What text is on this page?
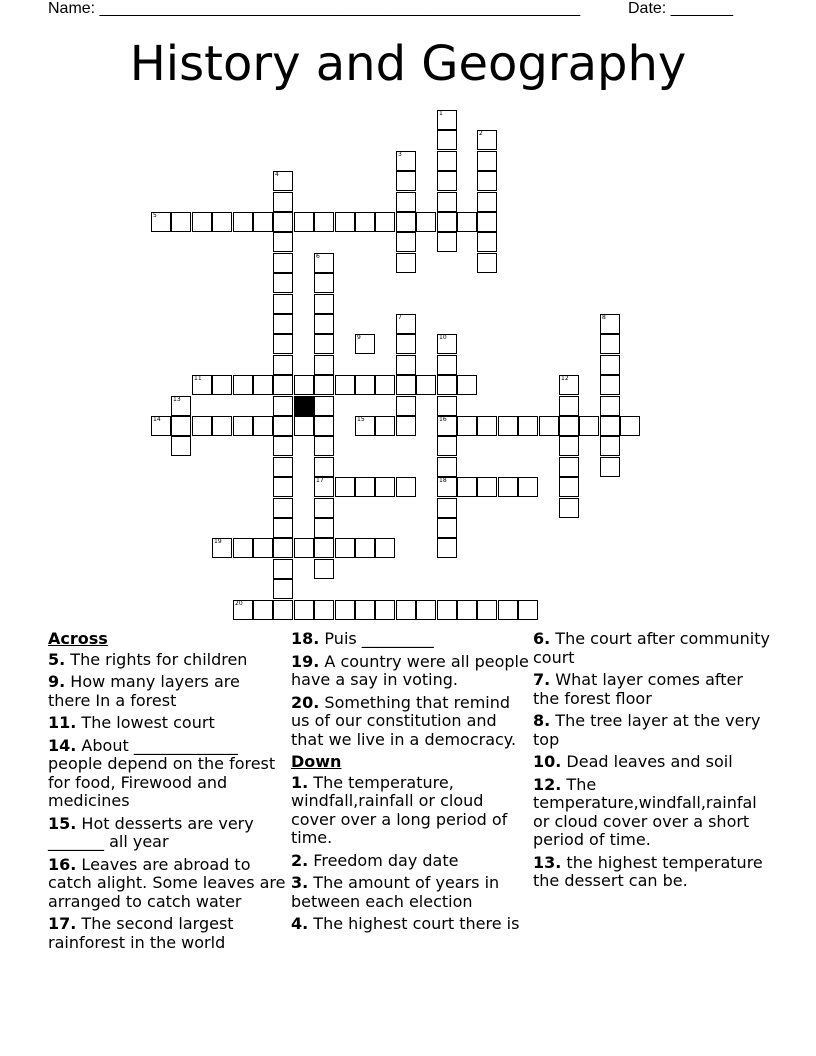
Name: ______________________________________________________	Date: _______
History and Geography
5
9
11
14	15	16
17	18
19
20
1
2
3
4
6
7	8
10
12
13
Across
5. The rights for children
9. How many layers are there In a forest
11. The lowest court
14. About _____________ people depend on the forest for food, Firewood and medicines
15. Hot desserts are very _______ all year
16. Leaves are abroad to catch alight. Some leaves are arranged to catch water
17. The second largest rainforest in the world
18. Puis _________
19. A country were all people have a say in voting.
20. Something that remind us of our constitution and that we live in a democracy.
Down
1. The temperature, windfall,rainfall or cloud cover over a long period of time.
2. Freedom day date
3. The amount of years in between each election
4. The highest court there is
6. The court after community court
7. What layer comes after the forest floor
8. The tree layer at the very top
10. Dead leaves and soil
12. The temperature,windfall,rainfal or cloud cover over a short period of time.
13. the highest temperature the dessert can be.
